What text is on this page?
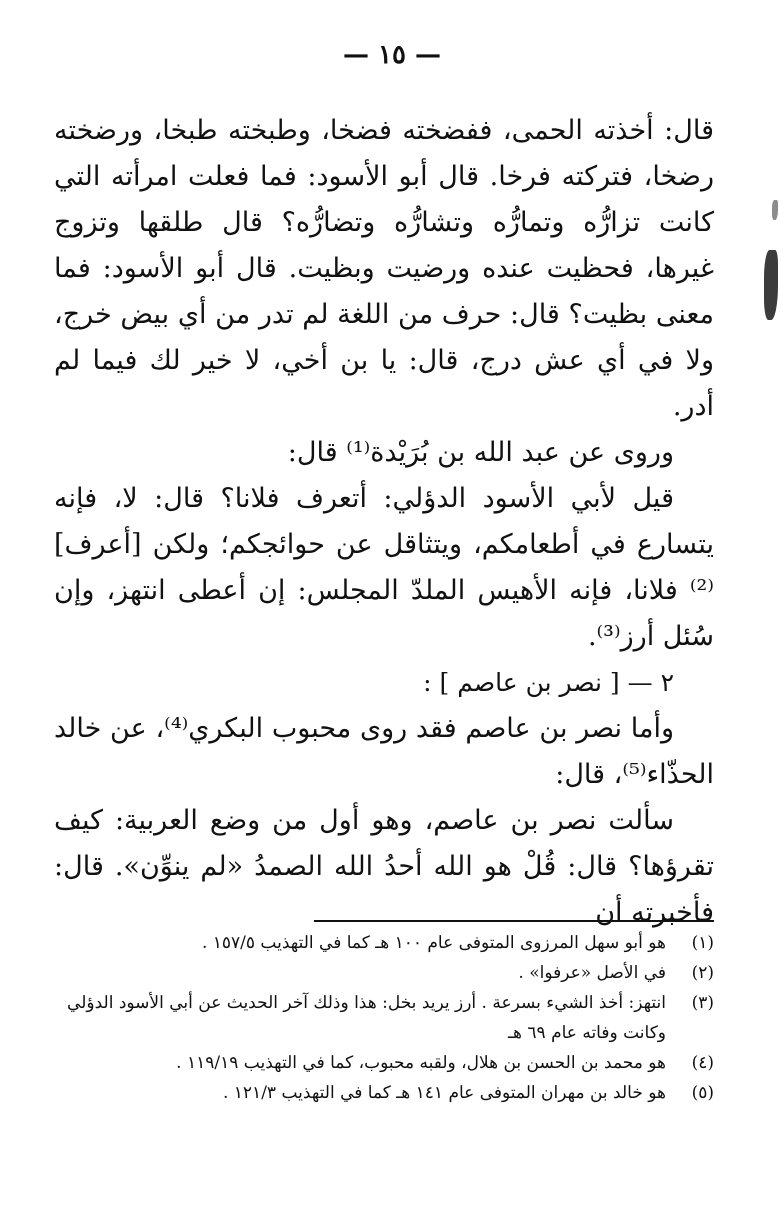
— ١٥ —

قال: أخذته الحمى، ففضخته فضخا، وطبخته طبخا، ورضخته رضخا، فتركته فرخا. قال أبو الأسود: فما فعلت امرأته التي كانت تزارُّه وتمارُّه وتشارُّه وتضارُّه؟ قال طلقها وتزوج غيرها، فحظيت عنده ورضيت وبظيت. قال أبو الأسود: فما معنى بظيت؟ قال: حرف من اللغة لم تدر من أي بيض خرج، ولا في أي عش درج، قال: يا بن أخي، لا خير لك فيما لم أدر.

وروى عن عبد الله بن بُرَيْدة⁽¹⁾ قال:

قيل لأبي الأسود الدؤلي: أتعرف فلانا؟ قال: لا، فإنه يتسارع في أطعامكم، ويتثاقل عن حوائجكم؛ ولكن [أعرف]⁽²⁾ فلانا، فإنه الأهيس الملدّ المجلس: إن أعطى انتهز، وإن سُئل أرز⁽³⁾.

٢ — [ نصر بن عاصم ] :

وأما نصر بن عاصم فقد روى محبوب البكري⁽⁴⁾، عن خالد الحذّاء⁽⁵⁾، قال:

سألت نصر بن عاصم، وهو أول من وضع العربية: كيف تقرؤها؟ قال: قُلْ هو الله أحدُ الله الصمدُ «لم ينوِّن». قال: فأخبرته أن

(١)
هو أبو سهل المرزوى المتوفى عام ١٠٠ هـ كما في التهذيب ١٥٧/٥ .
(٢)
في الأصل «عرفوا» .
(٣)
انتهز: أخذ الشيء بسرعة . أرز يريد بخل: هذا وذلك آخر الحديث عن أبي الأسود الدؤلي وكانت وفاته عام ٦٩ هـ
(٤)
هو محمد بن الحسن بن هلال، ولقبه محبوب، كما في التهذيب ١١٩/١٩ .
(٥)
هو خالد بن مهران المتوفى عام ١٤١ هـ كما في التهذيب ١٢١/٣ .
